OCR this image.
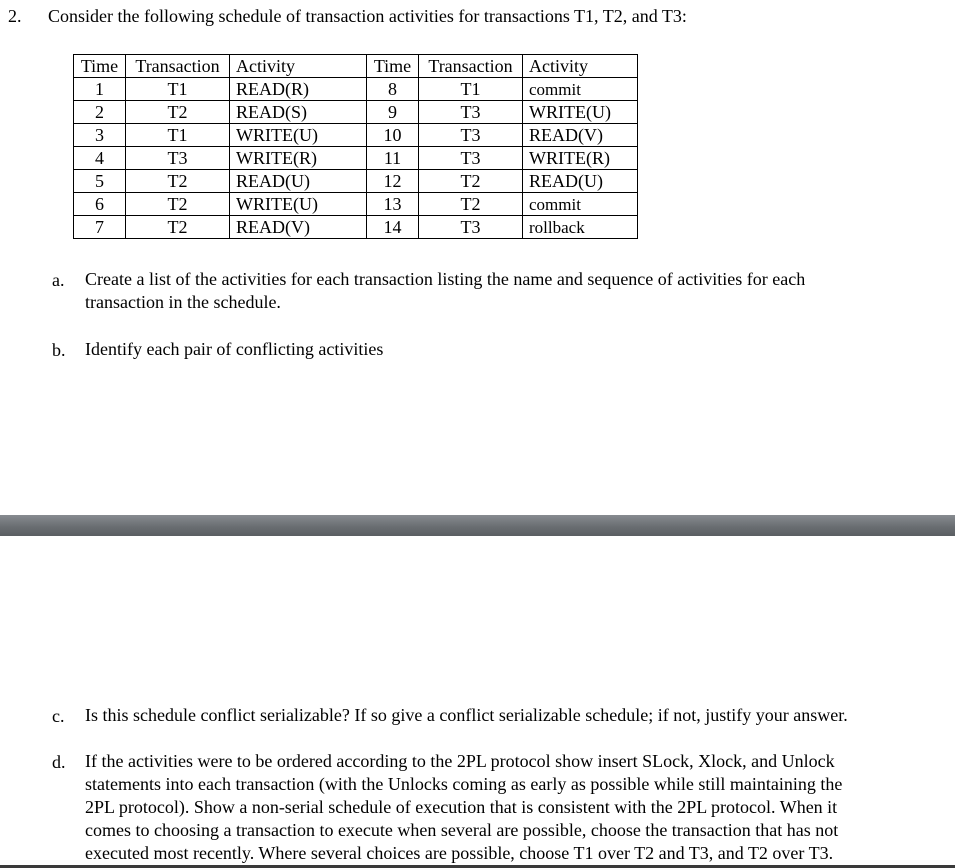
2. Consider the following schedule of transaction activities for transactions T1, T2, and T3:
Time	Transaction	Activity	Time	Transaction	Activity
1	T1	READ(R)	8	T1	commit
2	T2	READ(S)	9	T3	WRITE(U)
3	T1	WRITE(U)	10	T3	READ(V)
4	T3	WRITE(R)	11	T3	WRITE(R)
5	T2	READ(U)	12	T2	READ(U)
6	T2	WRITE(U)	13	T2	commit
7	T2	READ(V)	14	T3	rollback
a. Create a list of the activities for each transaction listing the name and sequence of activities for each
transaction in the schedule.
b. Identify each pair of conflicting activities
c. Is this schedule conflict serializable? If so give a conflict serializable schedule; if not, justify your answer.
d. If the activities were to be ordered according to the 2PL protocol show insert SLock, Xlock, and Unlock
statements into each transaction (with the Unlocks coming as early as possible while still maintaining the
2PL protocol). Show a non-serial schedule of execution that is consistent with the 2PL protocol. When it
comes to choosing a transaction to execute when several are possible, choose the transaction that has not
executed most recently. Where several choices are possible, choose T1 over T2 and T3, and T2 over T3.
